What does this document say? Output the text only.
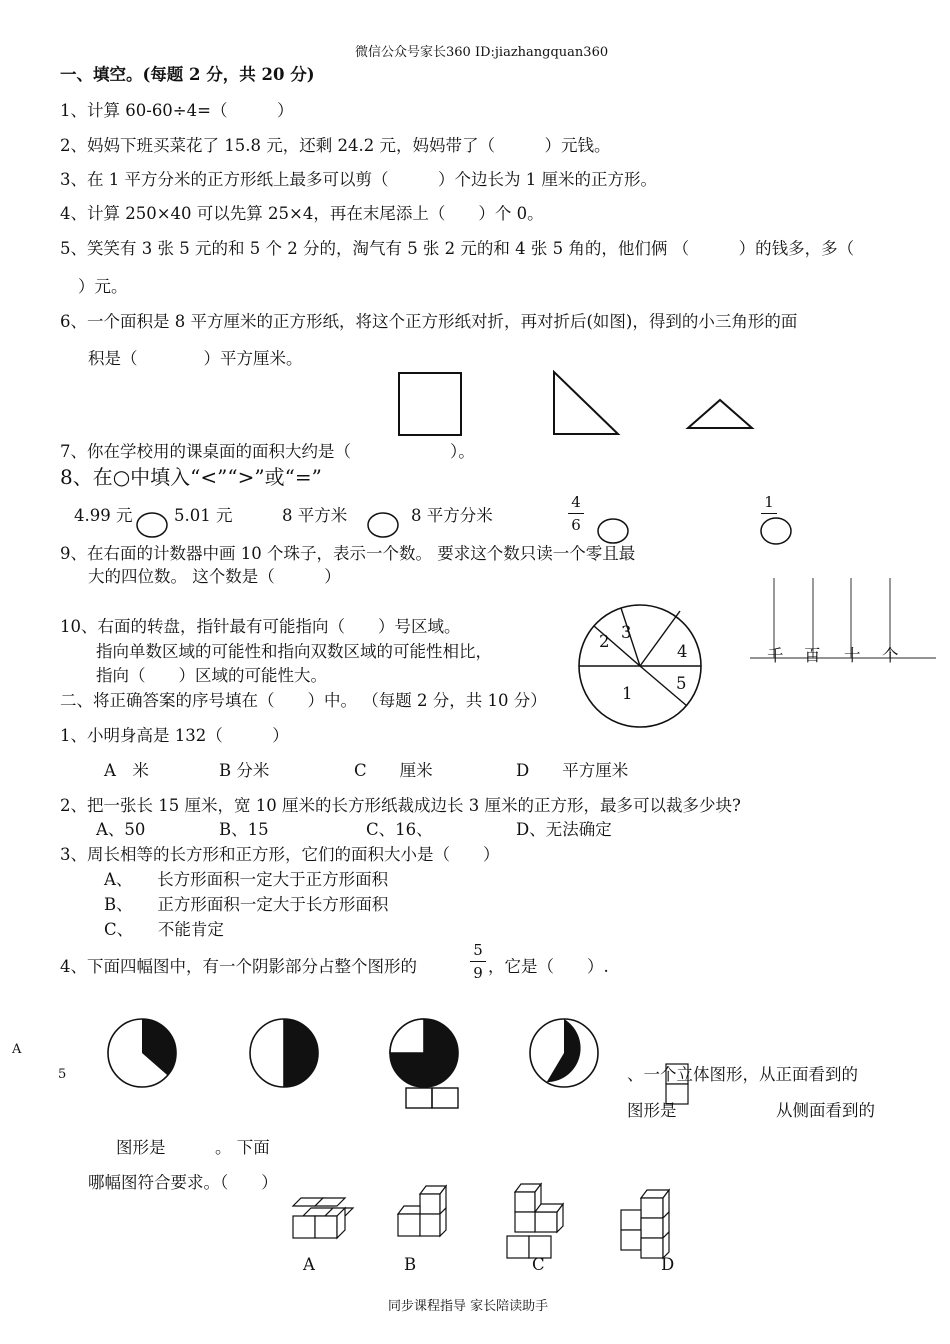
微信公众号家长360 ID:jiazhangquan360
一、填空。(每题 2 分，共 20 分)
1、计算 60-60÷4=（　　　）
2、妈妈下班买菜花了 15.8 元，还剩 24.2 元，妈妈带了（　　　）元钱。
3、在 1 平方分米的正方形纸上最多可以剪（　　　）个边长为 1 厘米的正方形。
4、计算 250×40 可以先算 25×4，再在末尾添上（　　）个 0。
5、笑笑有 3 张 5 元的和 5 个 2 分的，淘气有 5 张 2 元的和 4 张 5 角的，他们俩 （　　　）的钱多，多（
）元。
6、一个面积是 8 平方厘米的正方形纸，将这个正方形纸对折，再对折后(如图)，得到的小三角形的面
积是（　　　　）平方厘米。
7、你在学校用的课桌面的面积大约是（　　　　　　）。
8、在○中填入“<”“>”或“=”
4.99 元	5.01 元	8 平方米	8 平方分米
4
6
1
9、在右面的计数器中画 10 个珠子，表示一个数。 要求这个数只读一个零且最
大的四位数。 这个数是（　　　）
千 百 十 个
10、右面的转盘，指针最有可能指向（　　）号区域。
指向单数区域的可能性和指向双数区域的可能性相比，
指向（　　）区域的可能性大。
2 3
4
5
1
二、将正确答案的序号填在（　　）中。 （每题 2 分，共 10 分）
1、小明身高是 132（　　　）
A　米	B 分米	C　　厘米	D　　平方厘米
2、把一张长 15 厘米，宽 10 厘米的长方形纸裁成边长 3 厘米的正方形，最多可以裁多少块?
A、50	B、15	C、16、	D、无法确定
3、周长相等的长方形和正方形，它们的面积大小是（　　）
A、　　长方形面积一定大于正方形面积
B、　　正方形面积一定大于长方形面积
C、　　不能肯定
4、下面四幅图中，有一个阴影部分占整个图形的
5
9 ，它是（　　）.
A
5	、一个立体图形，从正面看到的
图形是	从侧面看到的
图形是　　　。 下面
哪幅图符合要求。（　　）
A	B	C	D
同步课程指导 家长陪读助手
